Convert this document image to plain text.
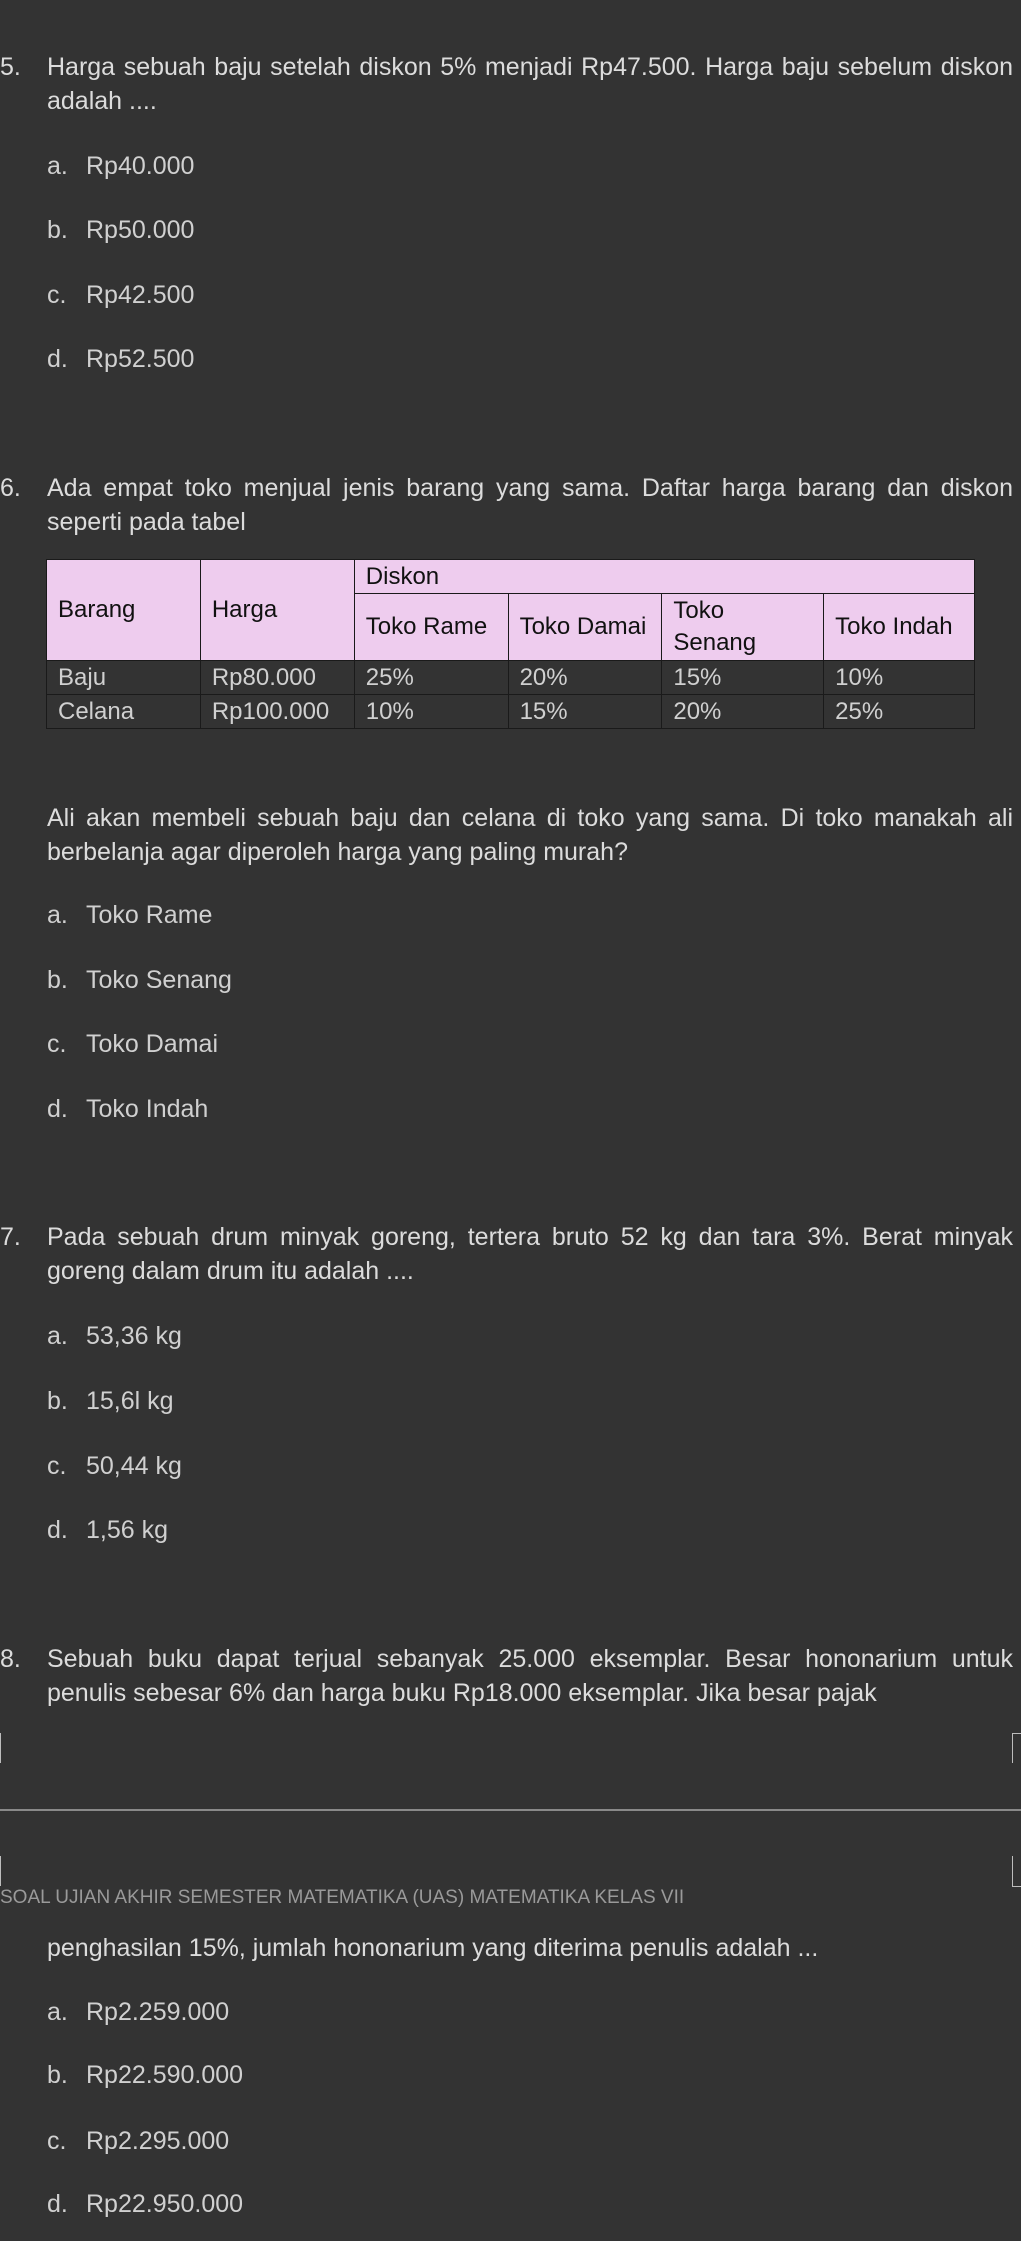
5. Harga sebuah baju setelah diskon 5% menjadi Rp47.500. Harga baju sebelum diskon adalah ....
a. Rp40.000
b. Rp50.000
c. Rp42.500
d. Rp52.500
6. Ada empat toko menjual jenis barang yang sama. Daftar harga barang dan diskon seperti pada tabel
Barang	Harga	Diskon			
		Toko Rame	Toko Damai	Toko Senang	Toko Indah
Baju	Rp80.000	25%	20%	15%	10%
Celana	Rp100.000	10%	15%	20%	25%
Ali akan membeli sebuah baju dan celana di toko yang sama. Di toko manakah ali berbelanja agar diperoleh harga yang paling murah?
a. Toko Rame
b. Toko Senang
c. Toko Damai
d. Toko Indah
7. Pada sebuah drum minyak goreng, tertera bruto 52 kg dan tara 3%. Berat minyak goreng dalam drum itu adalah ....
a. 53,36 kg
b. 15,6l kg
c. 50,44 kg
d. 1,56 kg
8. Sebuah buku dapat terjual sebanyak 25.000 eksemplar. Besar hononarium untuk penulis sebesar 6% dan harga buku Rp18.000 eksemplar. Jika besar pajak
SOAL UJIAN AKHIR SEMESTER MATEMATIKA (UAS) MATEMATIKA KELAS VII
penghasilan 15%, jumlah hononarium yang diterima penulis adalah ...
a. Rp2.259.000
b. Rp22.590.000
c. Rp2.295.000
d. Rp22.950.000
